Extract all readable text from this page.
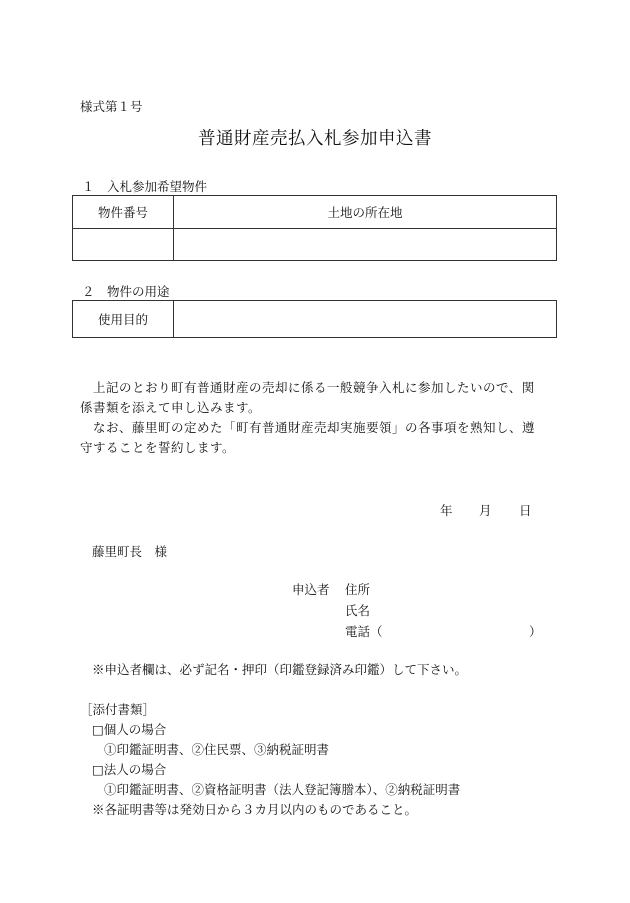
様式第１号
普通財産売払入札参加申込書
１　入札参加希望物件
物件番号	土地の所在地

２　物件の用途
使用目的	

　上記のとおり町有普通財産の売却に係る一般競争入札に参加したいので、関

係書類を添えて申し込みます。

　なお、藤里町の定めた「町有普通財産売却実施要領」の各事項を熟知し、遵

守することを誓約します。

年 月 日
藤里町長　様
申込者 住所
氏名
電話（	）
※申込者欄は、必ず記名・押印（印鑑登録済み印鑑）して下さい。
［添付書類］
□個人の場合
①印鑑証明書、②住民票、③納税証明書
□法人の場合
①印鑑証明書、②資格証明書（法人登記簿謄本）、②納税証明書
※各証明書等は発効日から３カ月以内のものであること。
